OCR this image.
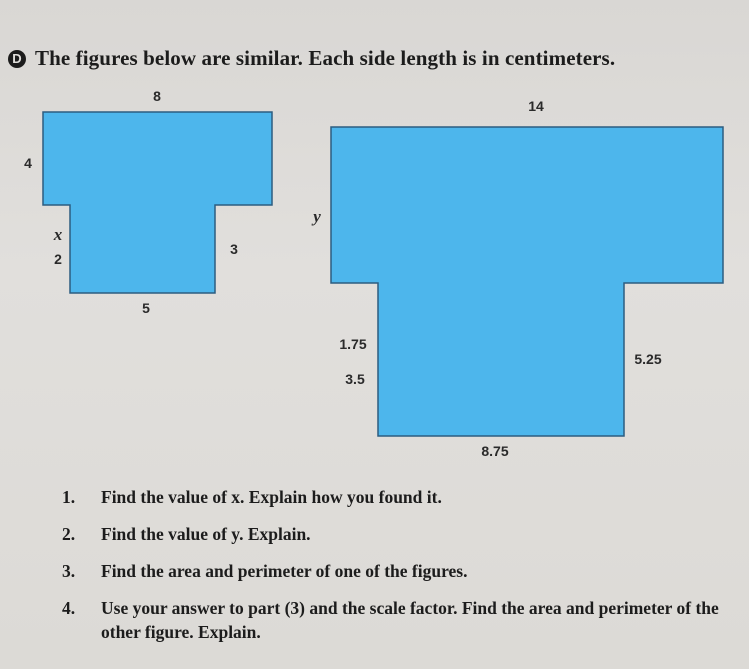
D The figures below are similar. Each side length is in centimeters.
8
4
x
2
3
5
14
y
1.75
3.5
5.25
8.75
1.	Find the value of x. Explain how you found it.
2.	Find the value of y. Explain.
3.	Find the area and perimeter of one of the figures.
4.	Use your answer to part (3) and the scale factor. Find the area and perimeter of the other figure. Explain.
